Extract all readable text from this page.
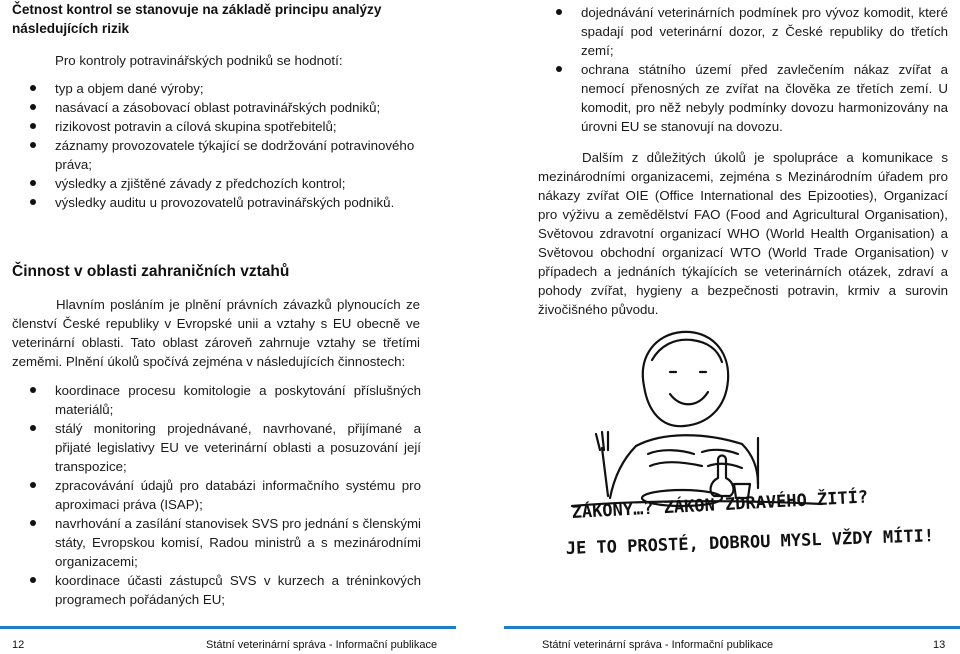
Četnost kontrol se stanovuje na základě principu analýzy následujících rizik
Pro kontroly potravinářských podniků se hodnotí:
typ a objem dané výroby;
nasávací a zásobovací oblast potravinářských podniků;
rizikovost potravin a cílová skupina spotřebitelů;
záznamy provozovatele týkající se dodržování potravinového práva;
výsledky a zjištěné závady z předchozích kontrol;
výsledky auditu u provozovatelů potravinářských podniků.
Činnost v oblasti zahraničních vztahů
Hlavním posláním je plnění právních závazků plynoucích ze členství České republiky v Evropské unii a vztahy s EU obecně ve veterinární oblasti. Tato oblast zároveň zahrnuje vztahy se třetími zeměmi. Plnění úkolů spočívá zejména v následujících činnostech:
koordinace procesu komitologie a poskytování příslušných materiálů;
stálý monitoring projednávané, navrhované, přijímané a přijaté legislativy EU ve veterinární oblasti a posuzování její transpozice;
zpracovávání údajů pro databázi informačního systému pro aproximaci práva (ISAP);
navrhování a zasílání stanovisek SVS pro jednání s členskými státy, Evropskou komisí, Radou ministrů a s mezinárodními organizacemi;
koordinace účasti zástupců SVS v kurzech a tréninkových programech pořádaných EU;
12	Státní veterinární správa - Informační publikace
dojednávání veterinárních podmínek pro vývoz komodit, které spadají pod veterinární dozor, z České republiky do třetích zemí;
ochrana státního území před zavlečením nákaz zvířat a nemocí přenosných ze zvířat na člověka ze třetích zemí. U komodit, pro něž nebyly podmínky dovozu harmonizovány na úrovni EU se stanovují na dovozu.
Dalším z důležitých úkolů je spolupráce a komunikace s mezinárodními organizacemi, zejména s Mezinárodním úřadem pro nákazy zvířat OIE (Office International des Epizooties), Organizací pro výživu a zemědělství FAO (Food and Agricultural Organisation), Světovou zdravotní organizací WHO (World Health Organisation) a Světovou obchodní organizací WTO (World Trade Organisation) v případech a jednáních týkajících se veterinárních otázek, zdraví a pohody zvířat, hygieny a bezpečnosti potravin, krmiv a surovin živočišného původu.
Státní veterinární správa - Informační publikace	13
ZÁKONY…? ZÁKON ZDRAVÉHO ŽITÍ?
JE TO PROSTÉ, DOBROU MYSL VŽDY MÍTI!
